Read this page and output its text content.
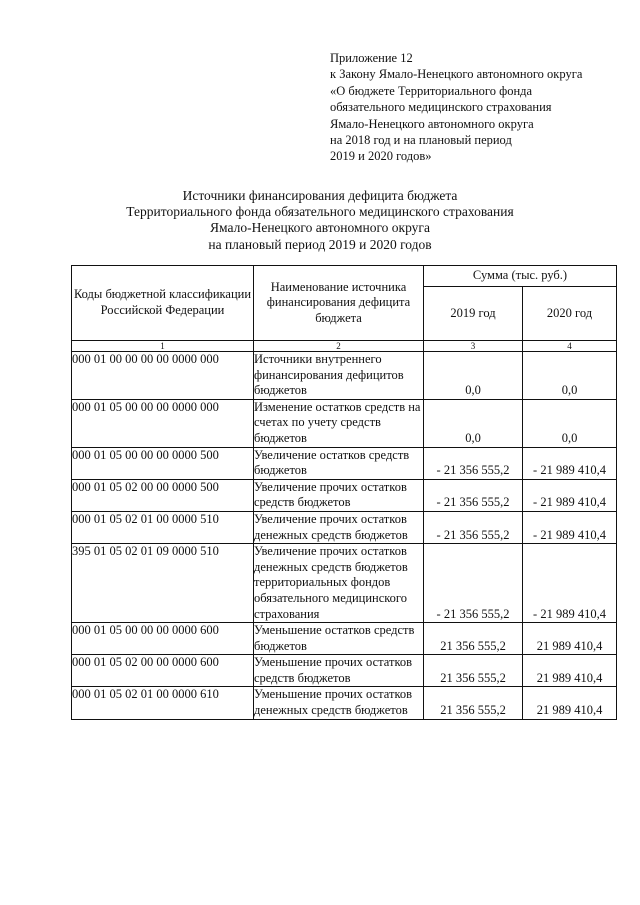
Приложение 12
к Закону Ямало-Ненецкого автономного округа
«О бюджете Территориального фонда
обязательного медицинского страхования
Ямало-Ненецкого автономного округа
на 2018 год и на плановый период
2019 и 2020 годов»
Источники финансирования дефицита бюджета
Территориального фонда обязательного медицинского страхования
Ямало-Ненецкого автономного округа
на плановый период 2019 и 2020 годов
Коды бюджетной классификации Российской Федерации	Наименование источника финансирования дефицита бюджета	Сумма (тыс. руб.)	
		2019 год	2020 год
1	2	3	4
000 01 00 00 00 00 0000 000	Источники внутреннего финансирования дефицитов бюджетов	0,0	0,0
000 01 05 00 00 00 0000 000	Изменение остатков средств на счетах по учету средств бюджетов	0,0	0,0
000 01 05 00 00 00 0000 500	Увеличение остатков средств бюджетов	- 21 356 555,2	- 21 989 410,4
000 01 05 02 00 00 0000 500	Увеличение прочих остатков средств бюджетов	- 21 356 555,2	- 21 989 410,4
000 01 05 02 01 00 0000 510	Увеличение прочих остатков денежных средств бюджетов	- 21 356 555,2	- 21 989 410,4
395 01 05 02 01 09 0000 510	Увеличение прочих остатков денежных средств бюджетов территориальных фондов обязательного медицинского страхования	- 21 356 555,2	- 21 989 410,4
000 01 05 00 00 00 0000 600	Уменьшение остатков средств бюджетов	21 356 555,2	21 989 410,4
000 01 05 02 00 00 0000 600	Уменьшение прочих остатков средств бюджетов	21 356 555,2	21 989 410,4
000 01 05 02 01 00 0000 610	Уменьшение прочих остатков денежных средств бюджетов	21 356 555,2	21 989 410,4
